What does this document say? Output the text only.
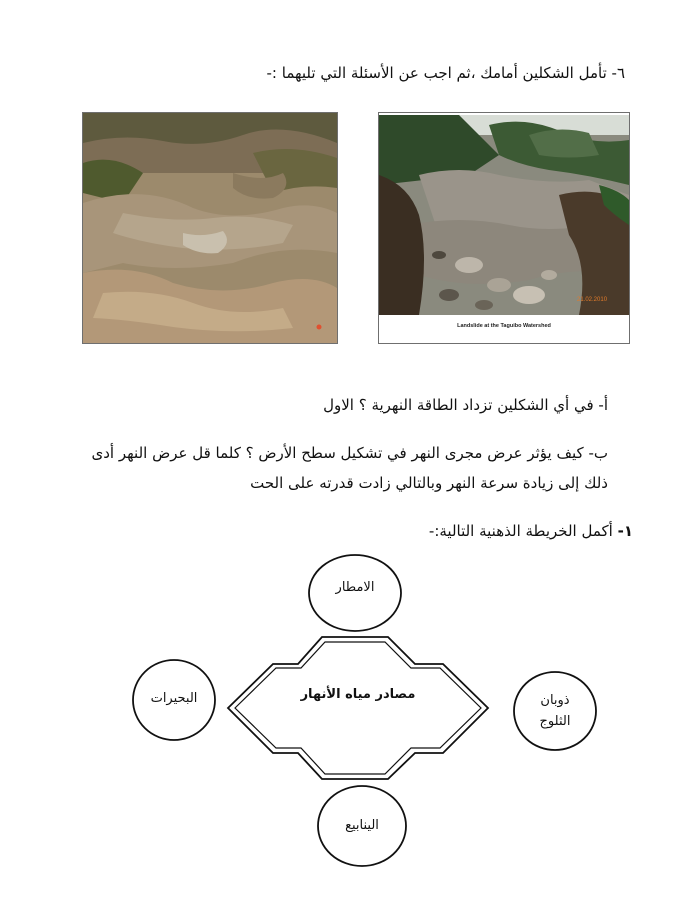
٦- تأمل الشكلين أمامك ،ثم اجب عن الأسئلة التي تليهما :-
21.02.2010
Landslide at the Taguibo Watershed
أ- في أي الشكلين تزداد الطاقة النهرية ؟ الاول
ب- كيف يؤثر عرض مجرى النهر في تشكيل سطح الأرض ؟ كلما قل عرض النهر أدى
ذلك إلى زيادة سرعة النهر وبالتالي زادت قدرته على الحت
١- أكمل الخريطة الذهنية التالية:-
مصادر مياه الأنهار
الامطار
البحيرات	ذوبان
الثلوج
الينابيع
